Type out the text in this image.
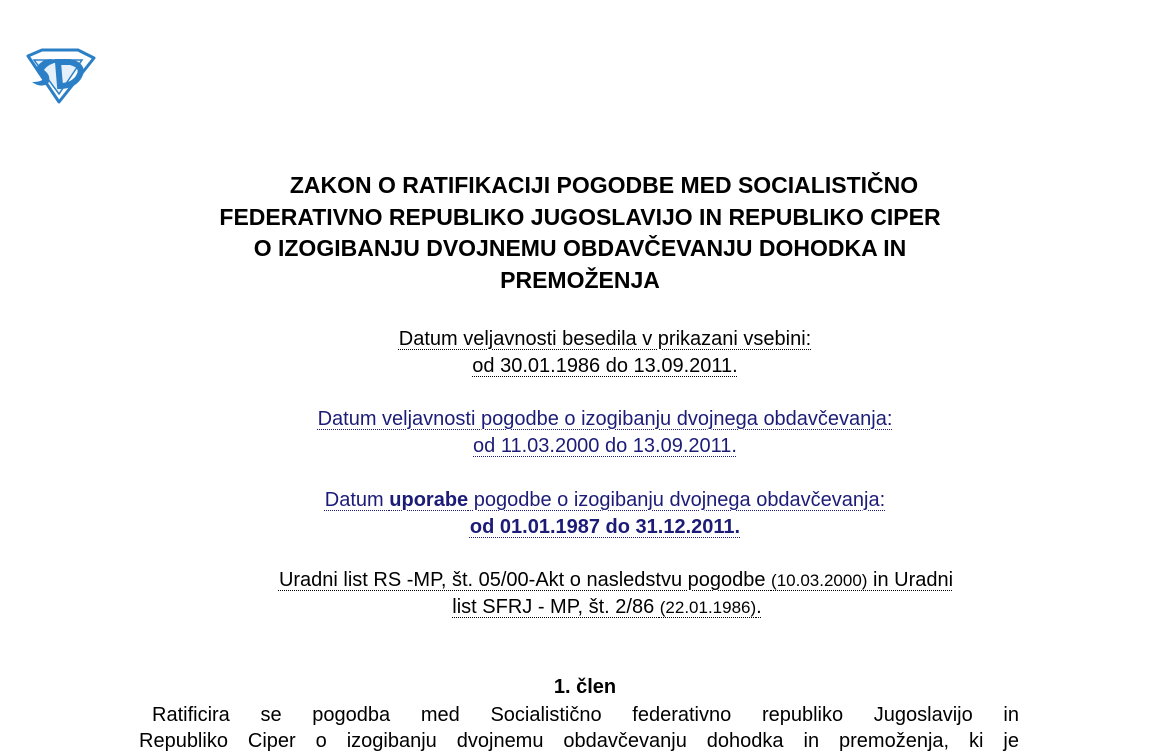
ZAKON O RATIFIKACIJI POGODBE MED SOCIALISTIČNO
FEDERATIVNO REPUBLIKO JUGOSLAVIJO IN REPUBLIKO CIPER
O IZOGIBANJU DVOJNEMU OBDAVČEVANJU DOHODKA IN
PREMOŽENJA
Datum veljavnosti besedila v prikazani vsebini:
od 30.01.1986 do 13.09.2011.
Datum veljavnosti pogodbe o izogibanju dvojnega obdavčevanja:
od 11.03.2000 do 13.09.2011.
Datum uporabe pogodbe o izogibanju dvojnega obdavčevanja:
od 01.01.1987 do 31.12.2011.
Uradni list RS -MP, št. 05/00-Akt o nasledstvu pogodbe (10.03.2000) in Uradni
list SFRJ - MP, št. 2/86 (22.01.1986).
1. člen
Ratificira se pogodba med Socialistično federativno republiko Jugoslavijo in
Republiko Ciper o izogibanju dvojnemu obdavčevanju dohodka in premoženja, ki je
